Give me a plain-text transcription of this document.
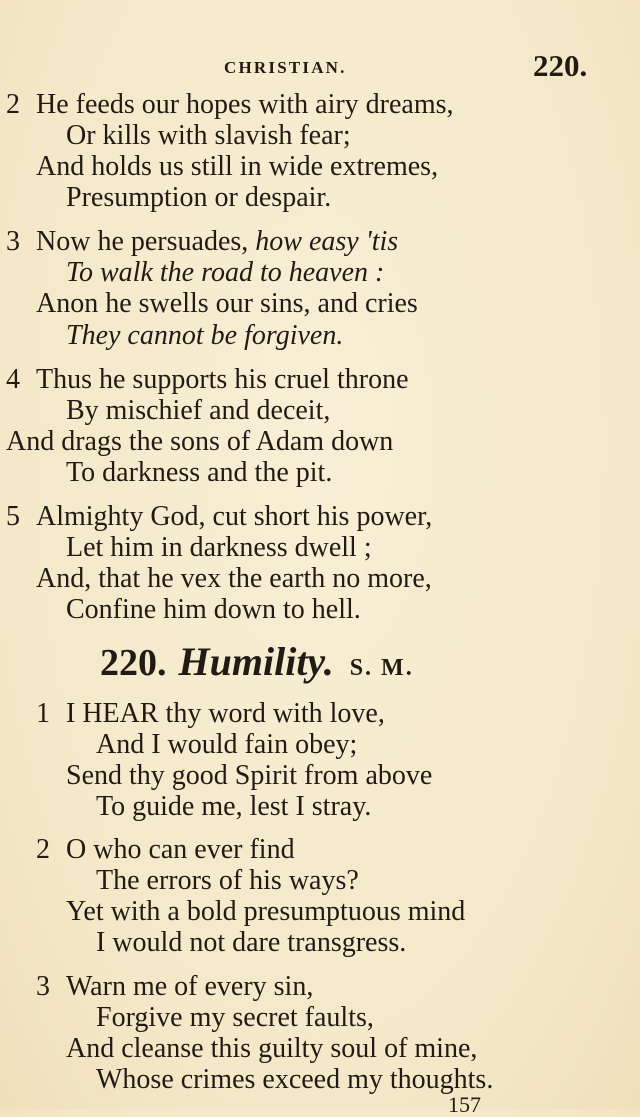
CHRISTIAN.	220.
2 He feeds our hopes with airy dreams,
Or kills with slavish fear;
And holds us still in wide extremes,
Presumption or despair.
3 Now he persuades, how easy 'tis
To walk the road to heaven :
Anon he swells our sins, and cries
They cannot be forgiven.
4 Thus he supports his cruel throne
By mischief and deceit,
And drags the sons of Adam down
To darkness and the pit.
5 Almighty God, cut short his power,
Let him in darkness dwell ;
And, that he vex the earth no more,
Confine him down to hell.
220. Humility. S. M.
1 I HEAR thy word with love,
And I would fain obey;
Send thy good Spirit from above
To guide me, lest I stray.
2 O who can ever find
The errors of his ways?
Yet with a bold presumptuous mind
I would not dare transgress.
3 Warn me of every sin,
Forgive my secret faults,
And cleanse this guilty soul of mine,
Whose crimes exceed my thoughts.
157
